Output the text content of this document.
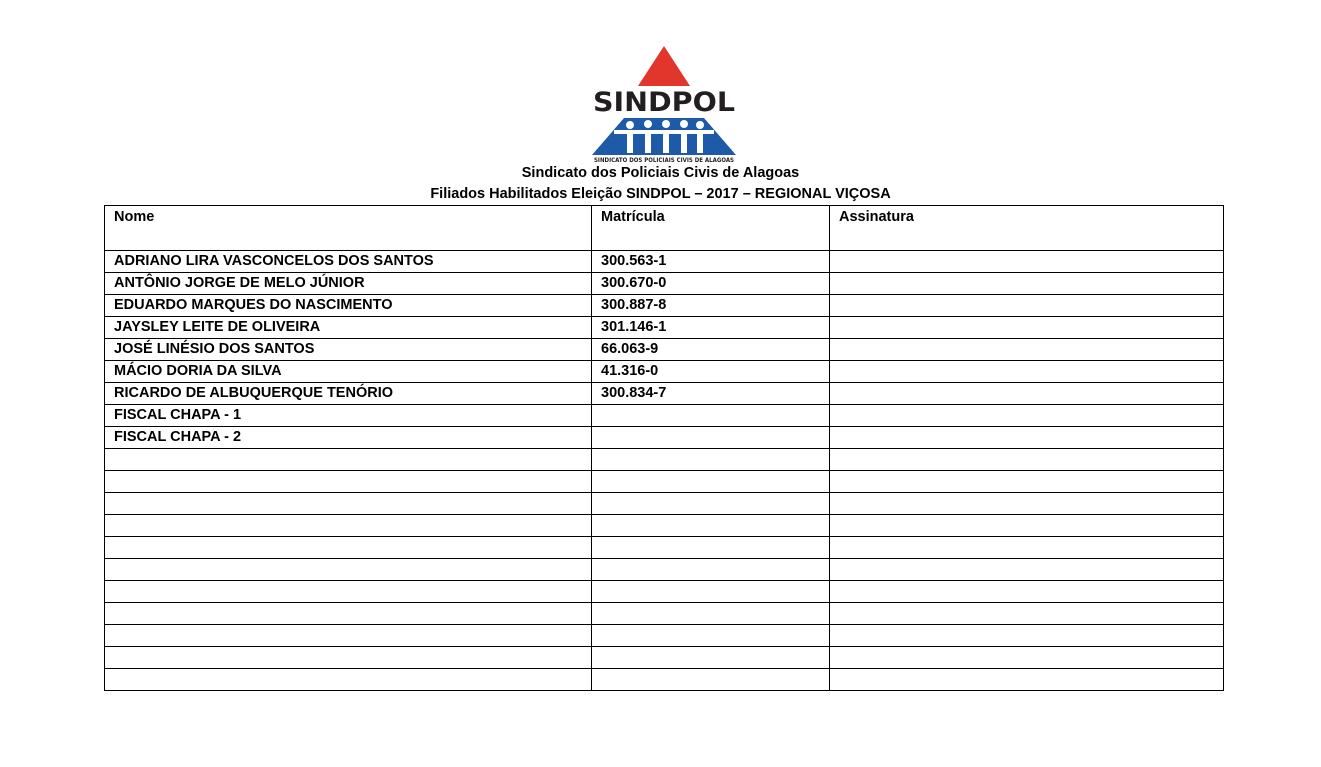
SINDPOL
SINDICATO DOS POLICIAIS CIVIS DE ALAGOAS
Sindicato dos Policiais Civis de Alagoas
Filiados Habilitados Eleição SINDPOL – 2017 – REGIONAL VIÇOSA
Nome	Matrícula	Assinatura
ADRIANO LIRA VASCONCELOS DOS SANTOS	300.563-1	
ANTÔNIO JORGE DE MELO JÚNIOR	300.670-0	
EDUARDO MARQUES DO NASCIMENTO	300.887-8	
JAYSLEY LEITE DE OLIVEIRA	301.146-1	
JOSÉ LINÉSIO DOS SANTOS	66.063-9	
MÁCIO DORIA DA SILVA	41.316-0	
RICARDO DE ALBUQUERQUE TENÓRIO	300.834-7	
FISCAL CHAPA - 1		
FISCAL CHAPA - 2		
